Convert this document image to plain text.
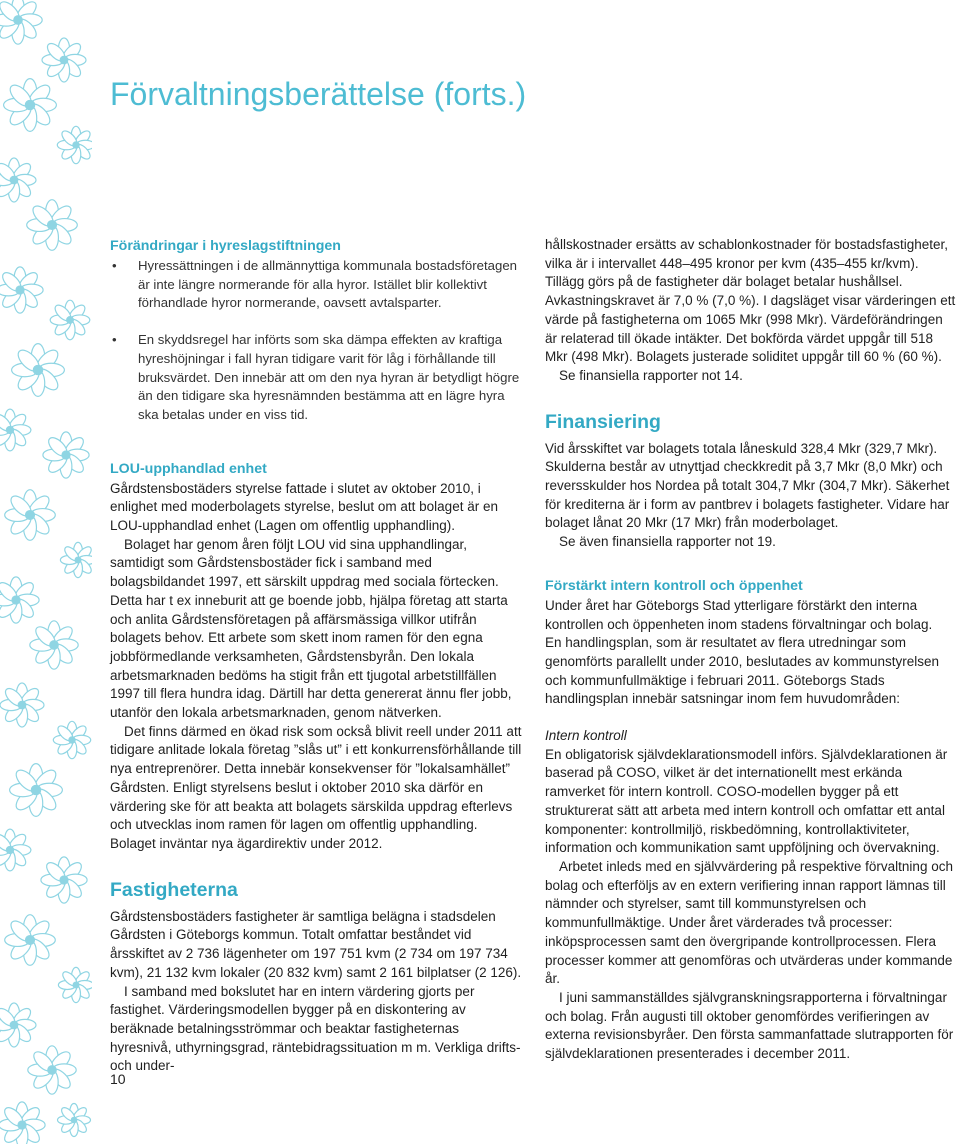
Förvaltningsberättelse (forts.)
Förändringar i hyreslagstiftningen
• Hyressättningen i de allmännyttiga kommunala bostadsföretagen är inte längre normerande för alla hyror. Istället blir kollektivt förhandlade hyror normerande, oavsett avtalsparter.
• En skyddsregel har införts som ska dämpa effekten av kraftiga hyreshöjningar i fall hyran tidigare varit för låg i förhållande till bruksvärdet. Den innebär att om den nya hyran är betydligt högre än den tidigare ska hyresnämnden bestämma att en lägre hyra ska betalas under en viss tid.
LOU-upphandlad enhet

Gårdstensbostäders styrelse fattade i slutet av oktober 2010, i enlighet med moderbolagets styrelse, beslut om att bolaget är en LOU-upphandlad enhet (Lagen om offentlig upphandling).

Bolaget har genom åren följt LOU vid sina upphandlingar, samtidigt som Gårdstensbostäder fick i samband med bolagsbildandet 1997, ett särskilt uppdrag med sociala förtecken. Detta har t ex inneburit att ge boende jobb, hjälpa företag att starta och anlita Gårdstensföretagen på affärsmässiga villkor utifrån bolagets behov. Ett arbete som skett inom ramen för den egna jobbförmedlande verksamheten, Gårdstensbyrån. Den lokala arbetsmarknaden bedöms ha stigit från ett tjugotal arbetstillfällen 1997 till flera hundra idag. Därtill har detta genererat ännu fler jobb, utanför den lokala arbetsmarknaden, genom nätverken.

Det finns därmed en ökad risk som också blivit reell under 2011 att tidigare anlitade lokala företag ”slås ut” i ett konkurrensförhållande till nya entreprenörer. Detta innebär konsekvenser för ”lokalsamhället” Gårdsten. Enligt styrelsens beslut i oktober 2010 ska därför en värdering ske för att beakta att bolagets särskilda uppdrag efterlevs och utvecklas inom ramen för lagen om offentlig upphandling. Bolaget inväntar nya ägardirektiv under 2012.

Fastigheterna

Gårdstensbostäders fastigheter är samtliga belägna i stadsdelen Gårdsten i Göteborgs kommun. Totalt omfattar beståndet vid årsskiftet av 2 736 lägenheter om 197 751 kvm (2 734 om 197 734 kvm), 21 132 kvm lokaler (20 832 kvm) samt 2 161 bilplatser (2 126).

I samband med bokslutet har en intern värdering gjorts per fastighet. Värderingsmodellen bygger på en diskontering av beräknade betalningsströmmar och beaktar fastigheternas hyresnivå, uthyrningsgrad, räntebidragssituation m m. Verkliga drifts- och under-

hållskostnader ersätts av schablonkostnader för bostadsfastigheter, vilka är i intervallet 448–495 kronor per kvm (435–455 kr/kvm). Tillägg görs på de fastigheter där bolaget betalar hushållsel. Avkastningskravet är 7,0 % (7,0 %). I dagsläget visar värderingen ett värde på fastigheterna om 1065 Mkr (998 Mkr). Värdeförändringen är relaterad till ökade intäkter. Det bokförda värdet uppgår till 518 Mkr (498 Mkr). Bolagets justerade soliditet uppgår till 60 % (60 %).

Se finansiella rapporter not 14.

Finansiering

Vid årsskiftet var bolagets totala låneskuld 328,4 Mkr (329,7 Mkr). Skulderna består av utnyttjad checkkredit på 3,7 Mkr (8,0 Mkr) och reversskulder hos Nordea på totalt 304,7 Mkr (304,7 Mkr). Säkerhet för krediterna är i form av pantbrev i bolagets fastigheter. Vidare har bolaget lånat 20 Mkr (17 Mkr) från moderbolaget.

Se även finansiella rapporter not 19.

Förstärkt intern kontroll och öppenhet

Under året har Göteborgs Stad ytterligare förstärkt den interna kontrollen och öppenheten inom stadens förvaltningar och bolag.

En handlingsplan, som är resultatet av flera utredningar som genomförts parallellt under 2010, beslutades av kommunstyrelsen och kommunfullmäktige i februari 2011. Göteborgs Stads handlingsplan innebär satsningar inom fem huvudområden:

Intern kontroll

En obligatorisk självdeklarationsmodell införs. Självdeklarationen är baserad på COSO, vilket är det internationellt mest erkända ramverket för intern kontroll. COSO-modellen bygger på ett strukturerat sätt att arbeta med intern kontroll och omfattar ett antal komponenter: kontrollmiljö, riskbedömning, kontrollaktiviteter, information och kommunikation samt uppföljning och övervakning.

Arbetet inleds med en självvärdering på respektive förvaltning och bolag och efterföljs av en extern verifiering innan rapport lämnas till nämnder och styrelser, samt till kommunstyrelsen och kommunfullmäktige. Under året värderades två processer: inköpsprocessen samt den övergripande kontrollprocessen. Flera processer kommer att genomföras och utvärderas under kommande år.

I juni sammanställdes självgranskningsrapporterna i förvaltningar och bolag. Från augusti till oktober genomfördes verifieringen av externa revisionsbyråer. Den första sammanfattade slutrapporten för självdeklarationen presenterades i december 2011.

10
